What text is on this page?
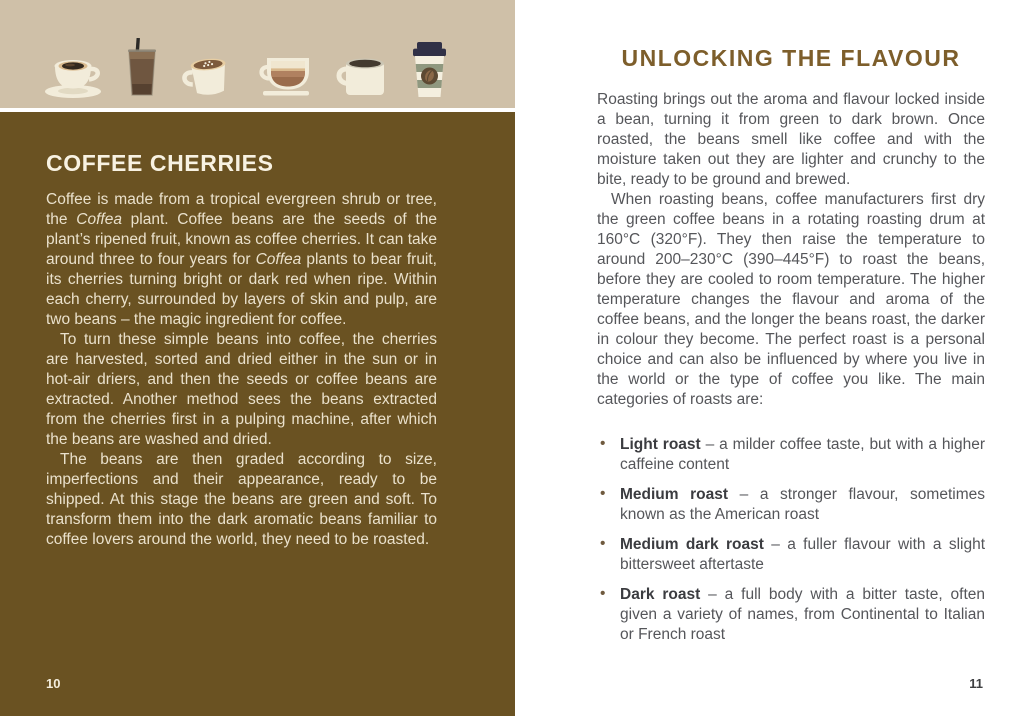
COFFEE CHERRIES

Coffee is made from a tropical evergreen shrub or tree, the Coffea plant. Coffee beans are the seeds of the plant’s ripened fruit, known as coffee cherries. It can take around three to four years for Coffea plants to bear fruit, its cherries turning bright or dark red when ripe. Within each cherry, surrounded by layers of skin and pulp, are two beans – the magic ingredient for coffee.

To turn these simple beans into coffee, the cherries are harvested, sorted and dried either in the sun or in hot-air driers, and then the seeds or coffee beans are extracted. Another method sees the beans extracted from the cherries first in a pulping machine, after which the beans are washed and dried.

The beans are then graded according to size, imperfections and their appearance, ready to be shipped. At this stage the beans are green and soft. To transform them into the dark aromatic beans familiar to coffee lovers around the world, they need to be roasted.

10
UNLOCKING THE FLAVOUR

Roasting brings out the aroma and flavour locked inside a bean, turning it from green to dark brown. Once roasted, the beans smell like coffee and with the moisture taken out they are lighter and crunchy to the bite, ready to be ground and brewed.

When roasting beans, coffee manufacturers first dry the green coffee beans in a rotating roasting drum at 160°C (320°F). They then raise the temperature to around 200–230°C (390–445°F) to roast the beans, before they are cooled to room temperature. The higher temperature changes the flavour and aroma of the coffee beans, and the longer the beans roast, the darker in colour they become. The perfect roast is a personal choice and can also be influenced by where you live in the world or the type of coffee you like. The main categories of roasts are:

• Light roast – a milder coffee taste, but with a higher caffeine content
• Medium roast – a stronger flavour, sometimes known as the American roast
• Medium dark roast – a fuller flavour with a slight bittersweet aftertaste
• Dark roast – a full body with a bitter taste, often given a variety of names, from Continental to Italian or French roast
11
